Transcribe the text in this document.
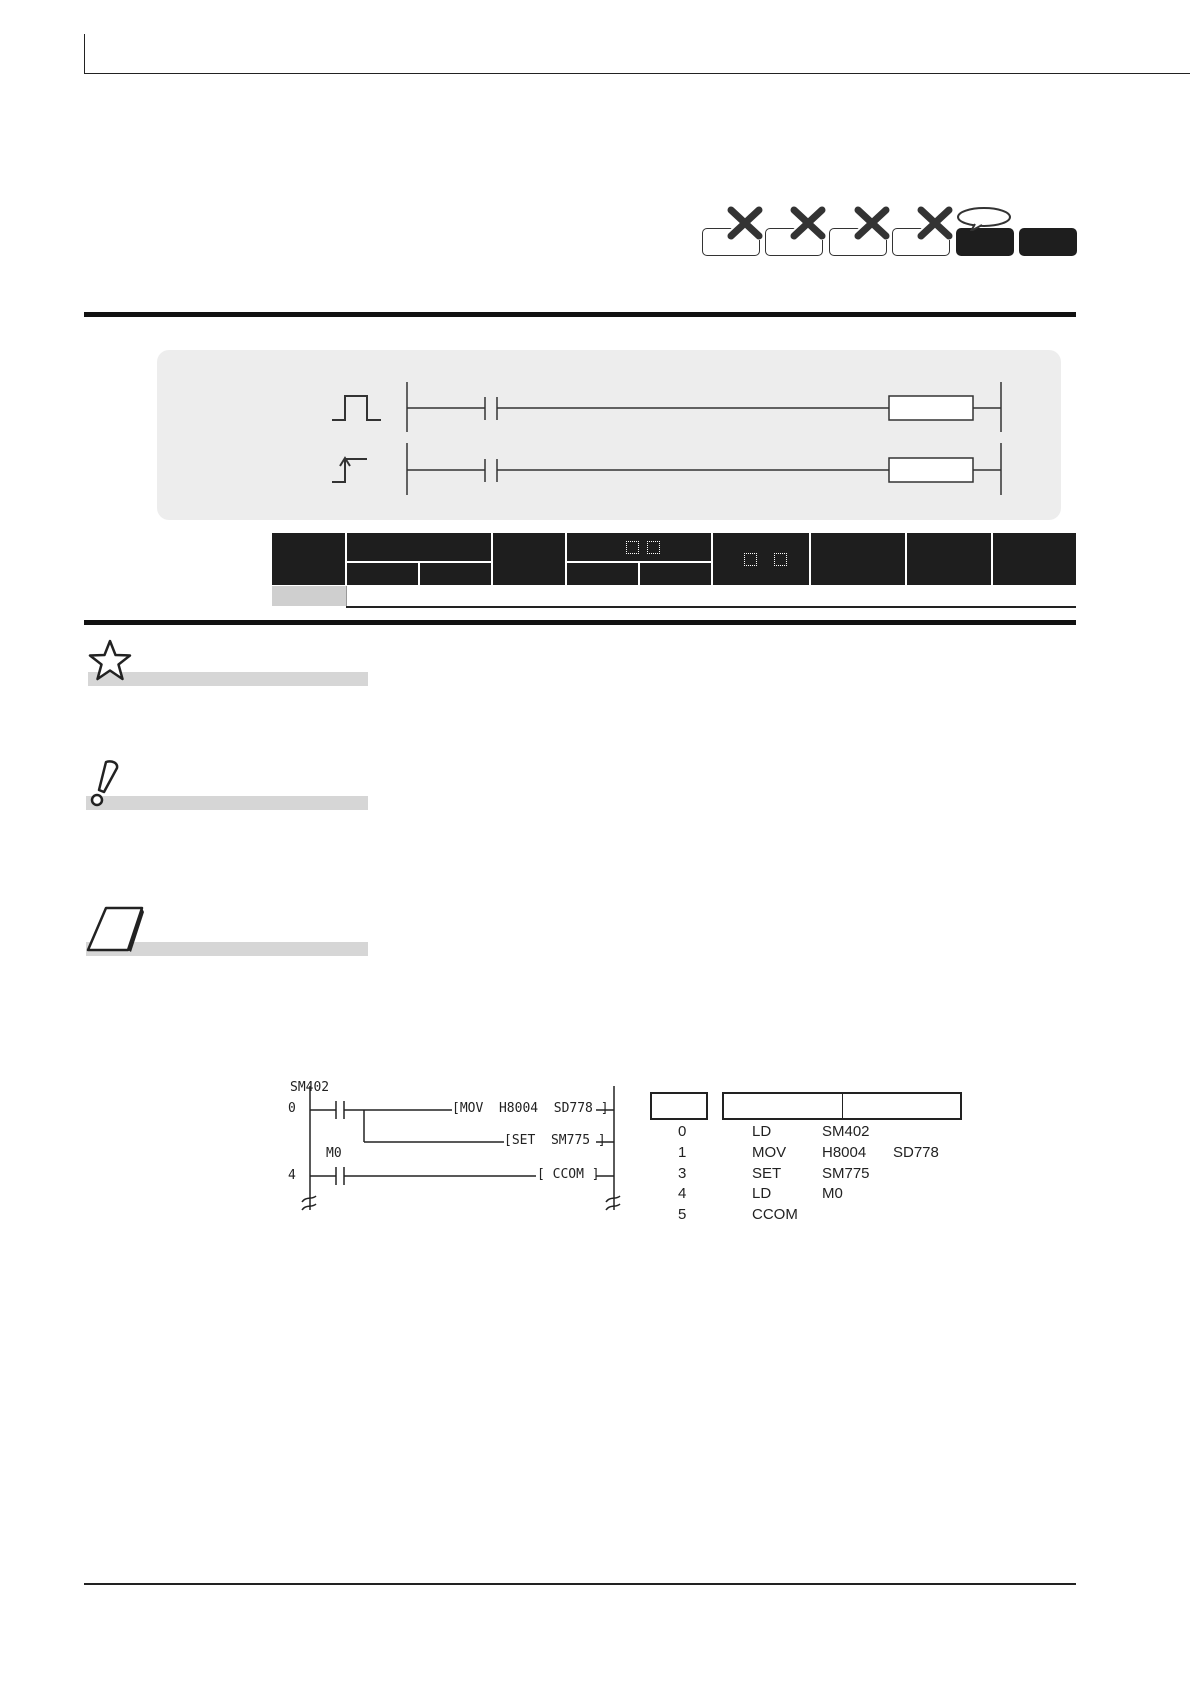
SM402
M0
0
4
[MOV  H8004  SD778 ]
[SET  SM775 ]
[ CCOM ]
0	LD	SM402
1	MOV H8004 SD778
3	SET	SM775
4	LD	M0
5	CCOM
